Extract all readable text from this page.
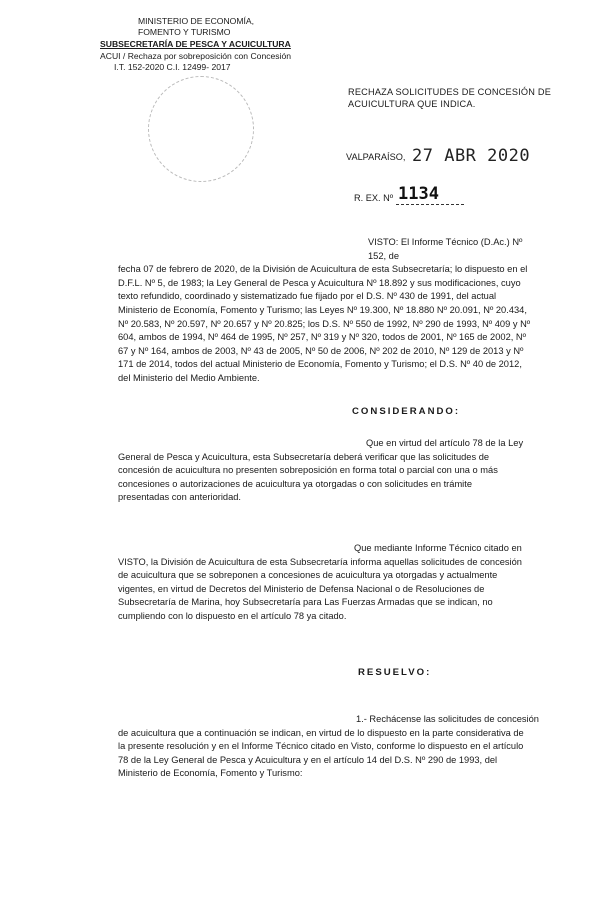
MINISTERIO DE ECONOMÍA,
FOMENTO Y TURISMO
SUBSECRETARÍA DE PESCA Y ACUICULTURA
ACUI / Rechaza por sobreposición con Concesión
I.T. 152-2020 C.I. 12499- 2017
RECHAZA SOLICITUDES DE CONCESIÓN DE
ACUICULTURA QUE INDICA.
VALPARAÍSO, 27 ABR 2020
R. EX. Nº 1134
VISTO: El Informe Técnico (D.Ac.) Nº 152, de
fecha 07 de febrero de 2020, de la División de Acuicultura de esta Subsecretaría; lo dispuesto en el
D.F.L. Nº 5, de 1983; la Ley General de Pesca y Acuicultura Nº 18.892 y sus modificaciones, cuyo
texto refundido, coordinado y sistematizado fue fijado por el D.S. Nº 430 de 1991, del actual
Ministerio de Economía, Fomento y Turismo; las Leyes Nº 19.300, Nº 18.880 Nº 20.091, Nº 20.434,
Nº 20.583, Nº 20.597, Nº 20.657 y Nº 20.825; los D.S. Nº 550 de 1992, Nº 290 de 1993, Nº 409 y Nº
604, ambos de 1994, Nº 464 de 1995, Nº 257, Nº 319 y Nº 320, todos de 2001, Nº 165 de 2002, Nº
67 y Nº 164, ambos de 2003, Nº 43 de 2005, Nº 50 de 2006, Nº 202 de 2010, Nº 129 de 2013 y Nº
171 de 2014, todos del actual Ministerio de Economía, Fomento y Turismo; el D.S. Nº 40 de 2012,
del Ministerio del Medio Ambiente.
CONSIDERANDO:
Que en virtud del artículo 78 de la Ley
General de Pesca y Acuicultura, esta Subsecretaría deberá verificar que las solicitudes de
concesión de acuicultura no presenten sobreposición en forma total o parcial con una o más
concesiones o autorizaciones de acuicultura ya otorgadas o con solicitudes en trámite
presentadas con anterioridad.
Que mediante Informe Técnico citado en
VISTO, la División de Acuicultura de esta Subsecretaría informa aquellas solicitudes de concesión
de acuicultura que se sobreponen a concesiones de acuicultura ya otorgadas y actualmente
vigentes, en virtud de Decretos del Ministerio de Defensa Nacional o de Resoluciones de
Subsecretaría de Marina, hoy Subsecretaría para Las Fuerzas Armadas que se indican, no
cumpliendo con lo dispuesto en el artículo 78 ya citado.
RESUELVO:
1.- Rechácense las solicitudes de concesión
de acuicultura que a continuación se indican, en virtud de lo dispuesto en la parte considerativa de
la presente resolución y en el Informe Técnico citado en Visto, conforme lo dispuesto en el artículo
78 de la Ley General de Pesca y Acuicultura y en el artículo 14 del D.S. Nº 290 de 1993, del
Ministerio de Economía, Fomento y Turismo:
